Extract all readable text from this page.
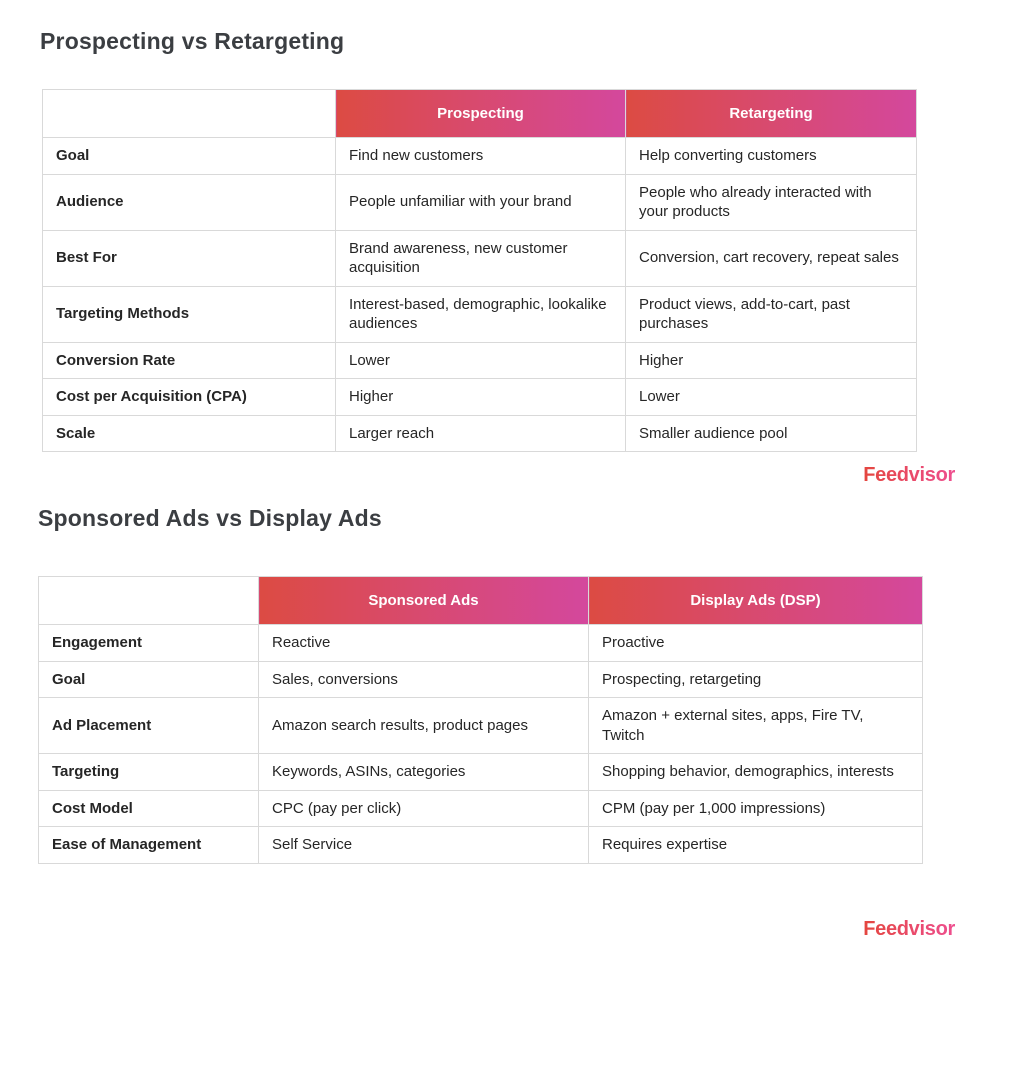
Prospecting vs Retargeting
	Prospecting	Retargeting
Goal	Find new customers	Help converting customers
Audience	People unfamiliar with your brand	People who already interacted with your products
Best For	Brand awareness, new customer acquisition	Conversion, cart recovery, repeat sales
Targeting Methods	Interest-based, demographic, lookalike audiences	Product views, add-to-cart, past purchases
Conversion Rate	Lower	Higher
Cost per Acquisition (CPA)	Higher	Lower
Scale	Larger reach	Smaller audience pool
Feedvisor
Sponsored Ads vs Display Ads
	Sponsored Ads	Display Ads (DSP)
Engagement	Reactive	Proactive
Goal	Sales, conversions	Prospecting, retargeting
Ad Placement	Amazon search results, product pages	Amazon + external sites, apps, Fire TV, Twitch
Targeting	Keywords, ASINs, categories	Shopping behavior, demographics, interests
Cost Model	CPC (pay per click)	CPM (pay per 1,000 impressions)
Ease of Management	Self Service	Requires expertise
Feedvisor
